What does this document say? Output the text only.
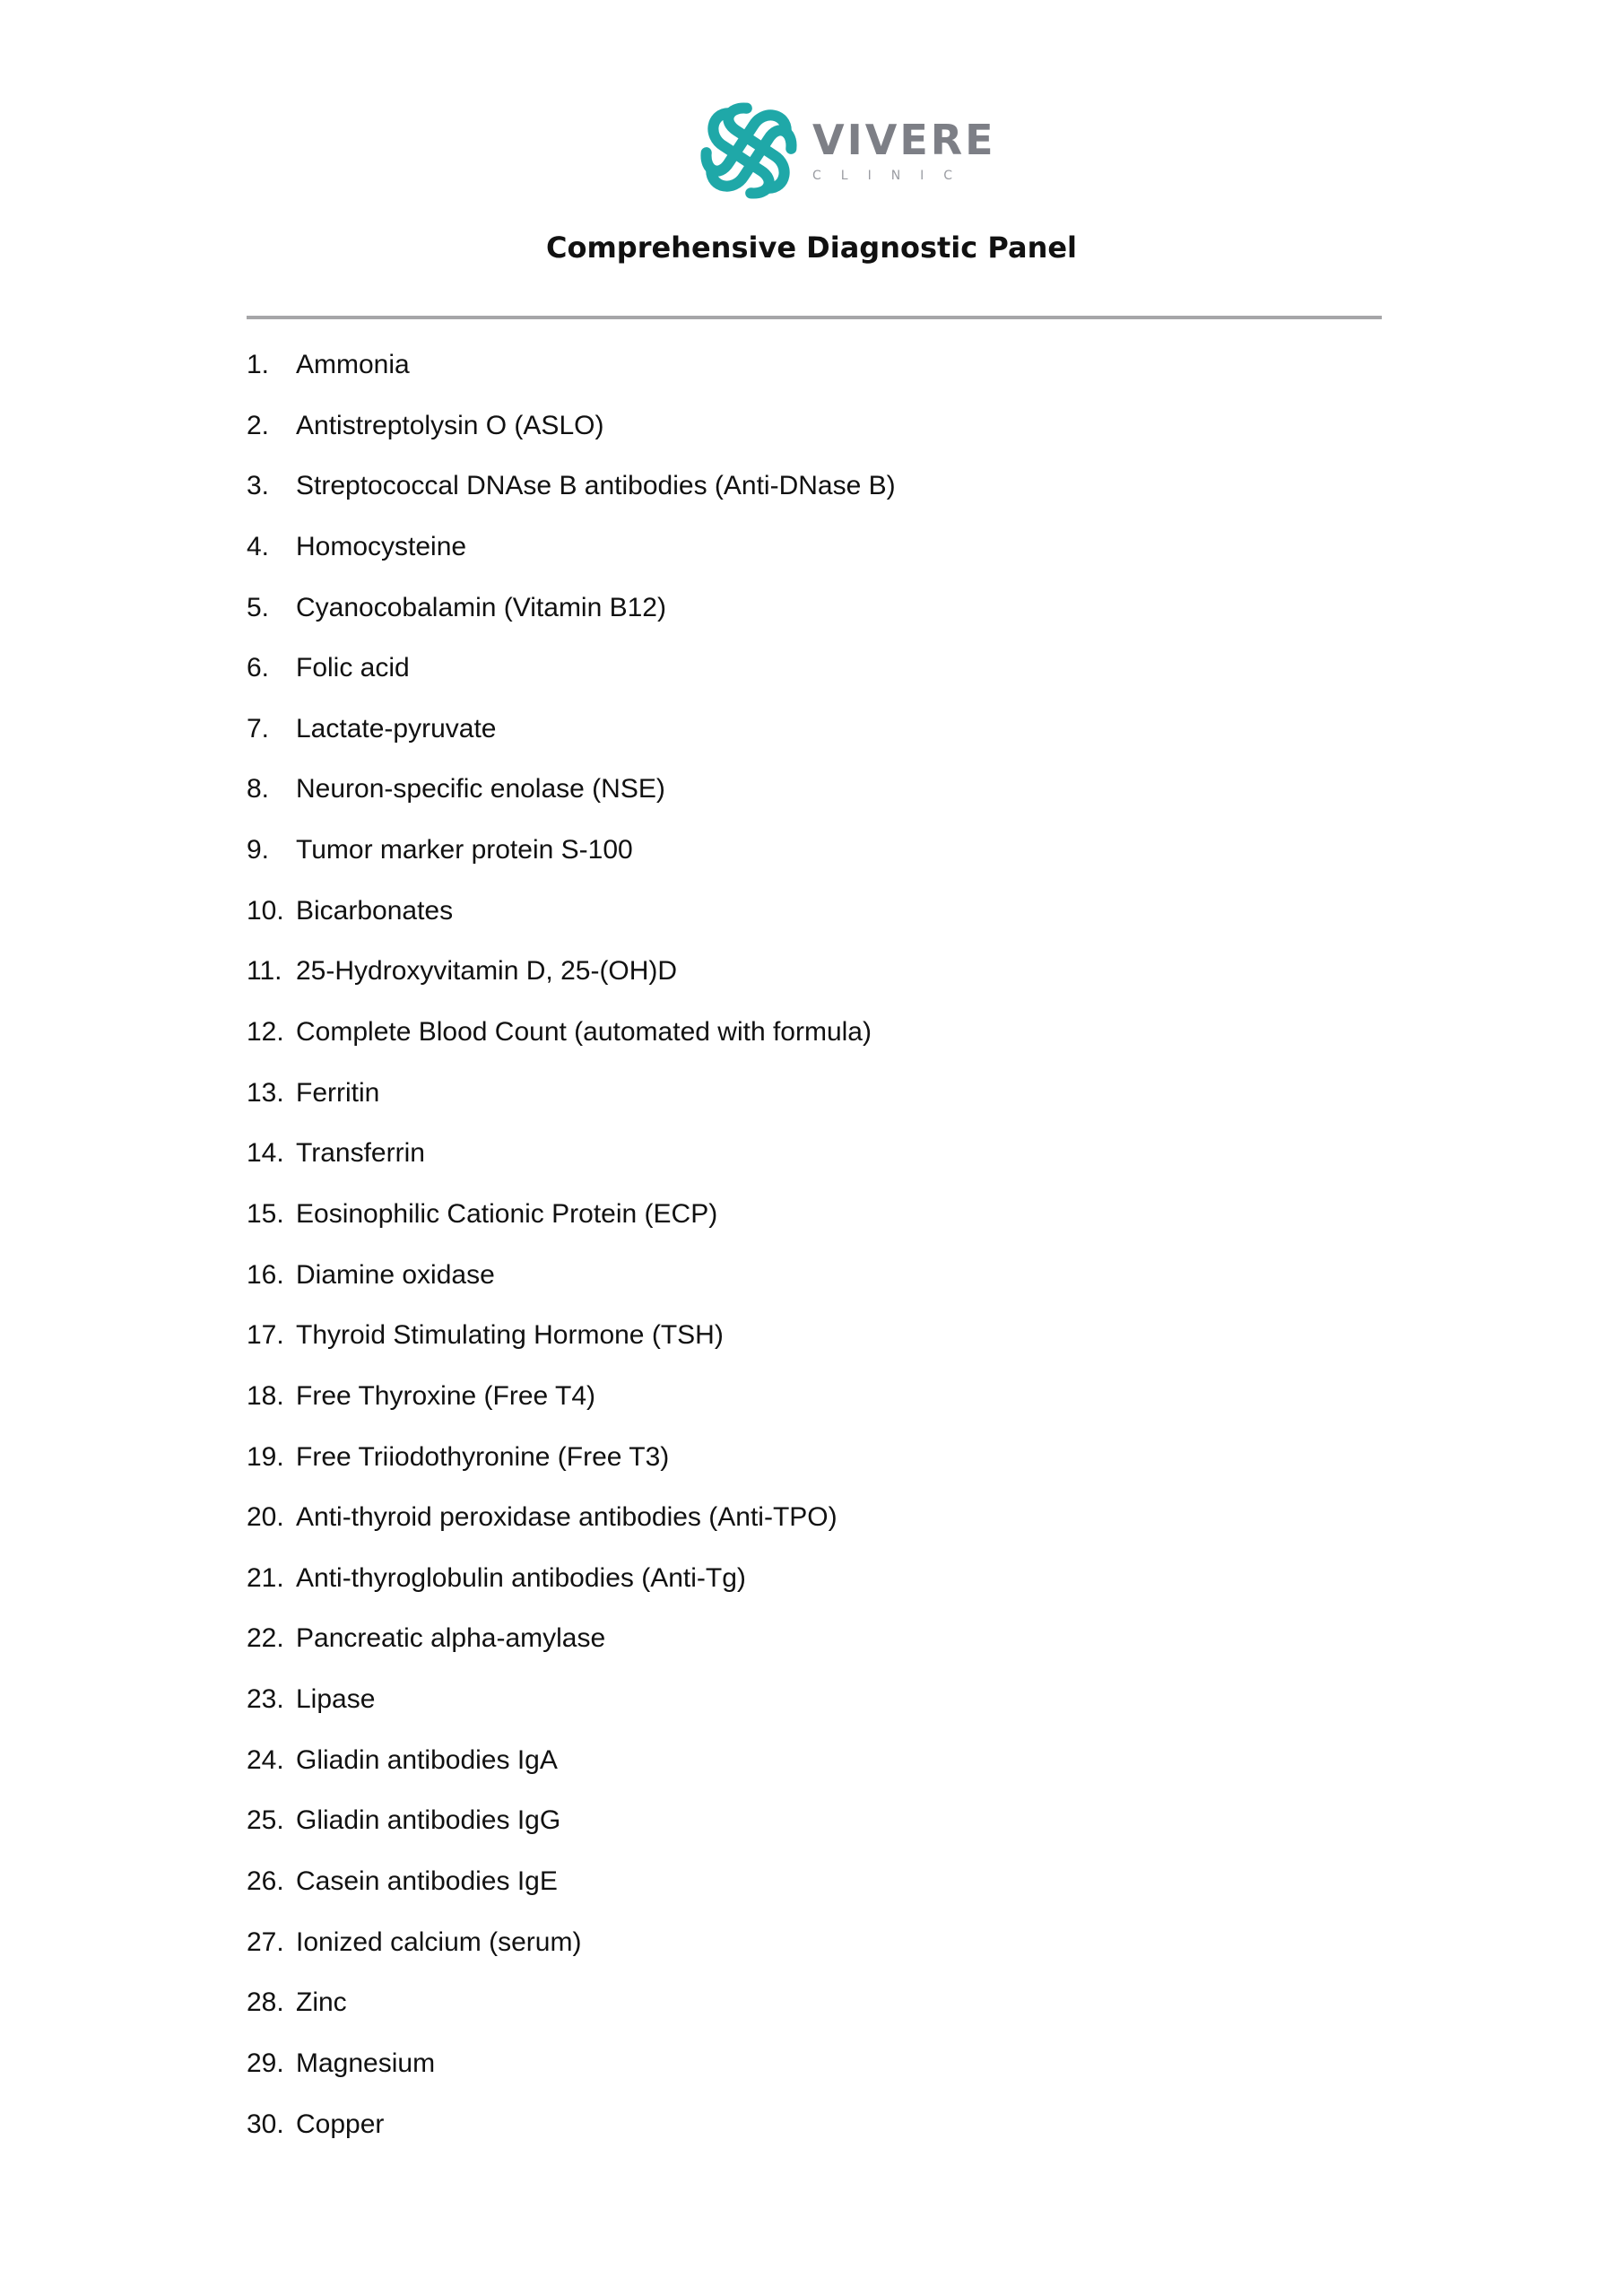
VIVERE
CLINIC
Comprehensive Diagnostic Panel
1. Ammonia
2. Antistreptolysin O (ASLO)
3. Streptococcal DNAse B antibodies (Anti-DNase B)
4. Homocysteine
5. Cyanocobalamin (Vitamin B12)
6. Folic acid
7. Lactate-pyruvate
8. Neuron-specific enolase (NSE)
9. Tumor marker protein S-100
10. Bicarbonates
11. 25-Hydroxyvitamin D, 25-(OH)D
12. Complete Blood Count (automated with formula)
13. Ferritin
14. Transferrin
15. Eosinophilic Cationic Protein (ECP)
16. Diamine oxidase
17. Thyroid Stimulating Hormone (TSH)
18. Free Thyroxine (Free T4)
19. Free Triiodothyronine (Free T3)
20. Anti-thyroid peroxidase antibodies (Anti-TPO)
21. Anti-thyroglobulin antibodies (Anti-Tg)
22. Pancreatic alpha-amylase
23. Lipase
24. Gliadin antibodies IgA
25. Gliadin antibodies IgG
26. Casein antibodies IgE
27. Ionized calcium (serum)
28. Zinc
29. Magnesium
30. Copper
